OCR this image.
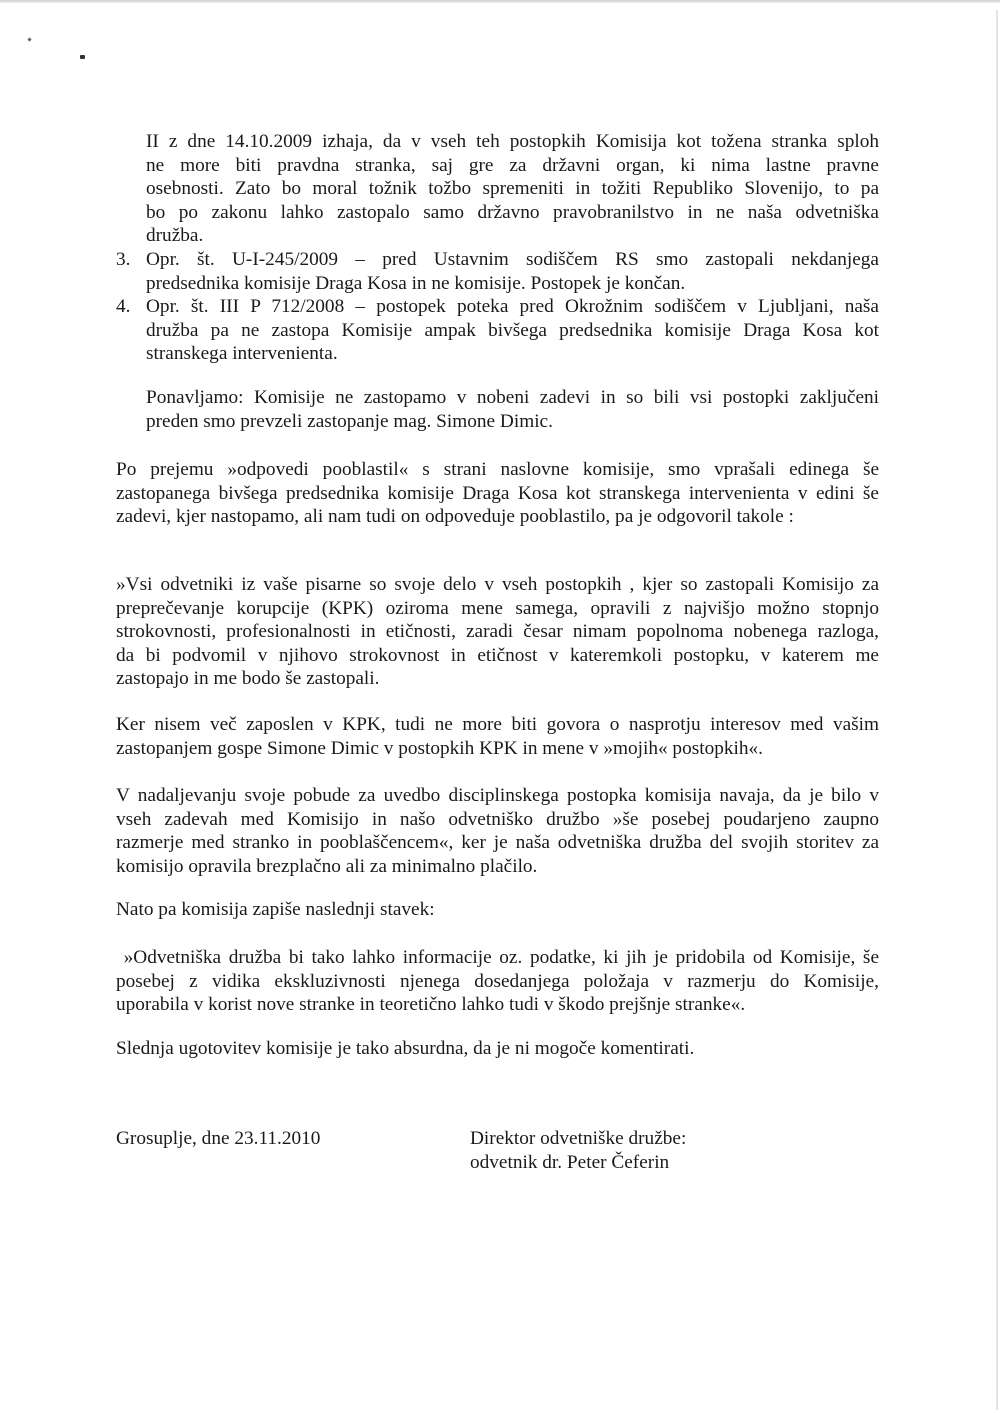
II z dne 14.10.2009 izhaja, da v vseh teh postopkih Komisija kot tožena stranka sploh
ne more biti pravdna stranka, saj gre za državni organ, ki nima lastne pravne
osebnosti. Zato bo moral tožnik tožbo spremeniti in tožiti Republiko Slovenijo, to pa
bo po zakonu lahko zastopalo samo državno pravobranilstvo in ne naša odvetniška
družba.
3. Opr. št. U-I-245/2009 – pred Ustavnim sodiščem RS smo zastopali nekdanjega
predsednika komisije Draga Kosa in ne komisije. Postopek je končan.
4. Opr. št. III P 712/2008 – postopek poteka pred Okrožnim sodiščem v Ljubljani, naša
družba pa ne zastopa Komisije ampak bivšega predsednika komisije Draga Kosa kot
stranskega intervenienta.
Ponavljamo: Komisije ne zastopamo v nobeni zadevi in so bili vsi postopki zaključeni
preden smo prevzeli zastopanje mag. Simone Dimic.
Po prejemu »odpovedi pooblastil« s strani naslovne komisije, smo vprašali edinega še
zastopanega bivšega predsednika komisije Draga Kosa kot stranskega intervenienta v edini še
zadevi, kjer nastopamo, ali nam tudi on odpoveduje pooblastilo, pa je odgovoril takole :
»Vsi odvetniki iz vaše pisarne so svoje delo v vseh postopkih , kjer so zastopali Komisijo za
preprečevanje korupcije (KPK) oziroma mene samega, opravili z najvišjo možno stopnjo
strokovnosti, profesionalnosti in etičnosti, zaradi česar nimam popolnoma nobenega razloga,
da bi podvomil v njihovo strokovnost in etičnost v kateremkoli postopku, v katerem me
zastopajo in me bodo še zastopali.
Ker nisem več zaposlen v KPK, tudi ne more biti govora o nasprotju interesov med vašim
zastopanjem gospe Simone Dimic v postopkih KPK in mene v »mojih« postopkih«.
V nadaljevanju svoje pobude za uvedbo disciplinskega postopka komisija navaja, da je bilo v
vseh zadevah med Komisijo in našo odvetniško družbo »še posebej poudarjeno zaupno
razmerje med stranko in pooblaščencem«, ker je naša odvetniška družba del svojih storitev za
komisijo opravila brezplačno ali za minimalno plačilo.
Nato pa komisija zapiše naslednji stavek:
»Odvetniška družba bi tako lahko informacije oz. podatke, ki jih je pridobila od Komisije, še
posebej z vidika ekskluzivnosti njenega dosedanjega položaja v razmerju do Komisije,
uporabila v korist nove stranke in teoretično lahko tudi v škodo prejšnje stranke«.
Slednja ugotovitev komisije je tako absurdna, da je ni mogoče komentirati.
Grosuplje, dne 23.11.2010	Direktor odvetniške družbe:
odvetnik dr. Peter Čeferin
